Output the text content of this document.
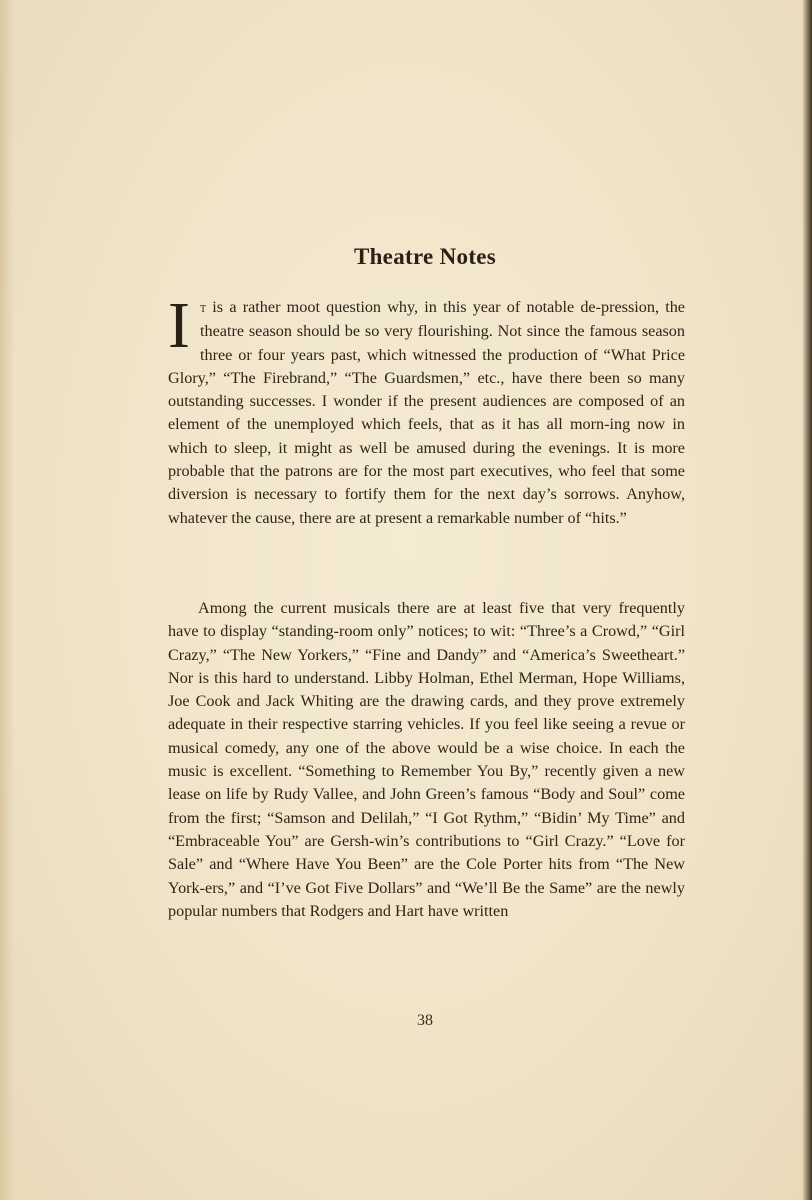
Theatre Notes

I t is a rather moot question why, in this year of notable de-pression, the theatre season should be so very flourishing. Not since the famous season three or four years past, which witnessed the production of “What Price Glory,” “The Firebrand,” “The Guardsmen,” etc., have there been so many outstanding successes. I wonder if the present audiences are composed of an element of the unemployed which feels, that as it has all morn-ing now in which to sleep, it might as well be amused during the evenings. It is more probable that the patrons are for the most part executives, who feel that some diversion is necessary to fortify them for the next day’s sorrows. Anyhow, whatever the cause, there are at present a remarkable number of “hits.”

Among the current musicals there are at least five that very frequently have to display “standing-room only” notices; to wit: “Three’s a Crowd,” “Girl Crazy,” “The New Yorkers,” “Fine and Dandy” and “America’s Sweetheart.” Nor is this hard to understand. Libby Holman, Ethel Merman, Hope Williams, Joe Cook and Jack Whiting are the drawing cards, and they prove extremely adequate in their respective starring vehicles. If you feel like seeing a revue or musical comedy, any one of the above would be a wise choice. In each the music is excellent. “Something to Remember You By,” recently given a new lease on life by Rudy Vallee, and John Green’s famous “Body and Soul” come from the first; “Samson and Delilah,” “I Got Rythm,” “Bidin’ My Time” and “Embraceable You” are Gersh-win’s contributions to “Girl Crazy.” “Love for Sale” and “Where Have You Been” are the Cole Porter hits from “The New York-ers,” and “I’ve Got Five Dollars” and “We’ll Be the Same” are the newly popular numbers that Rodgers and Hart have written

38
